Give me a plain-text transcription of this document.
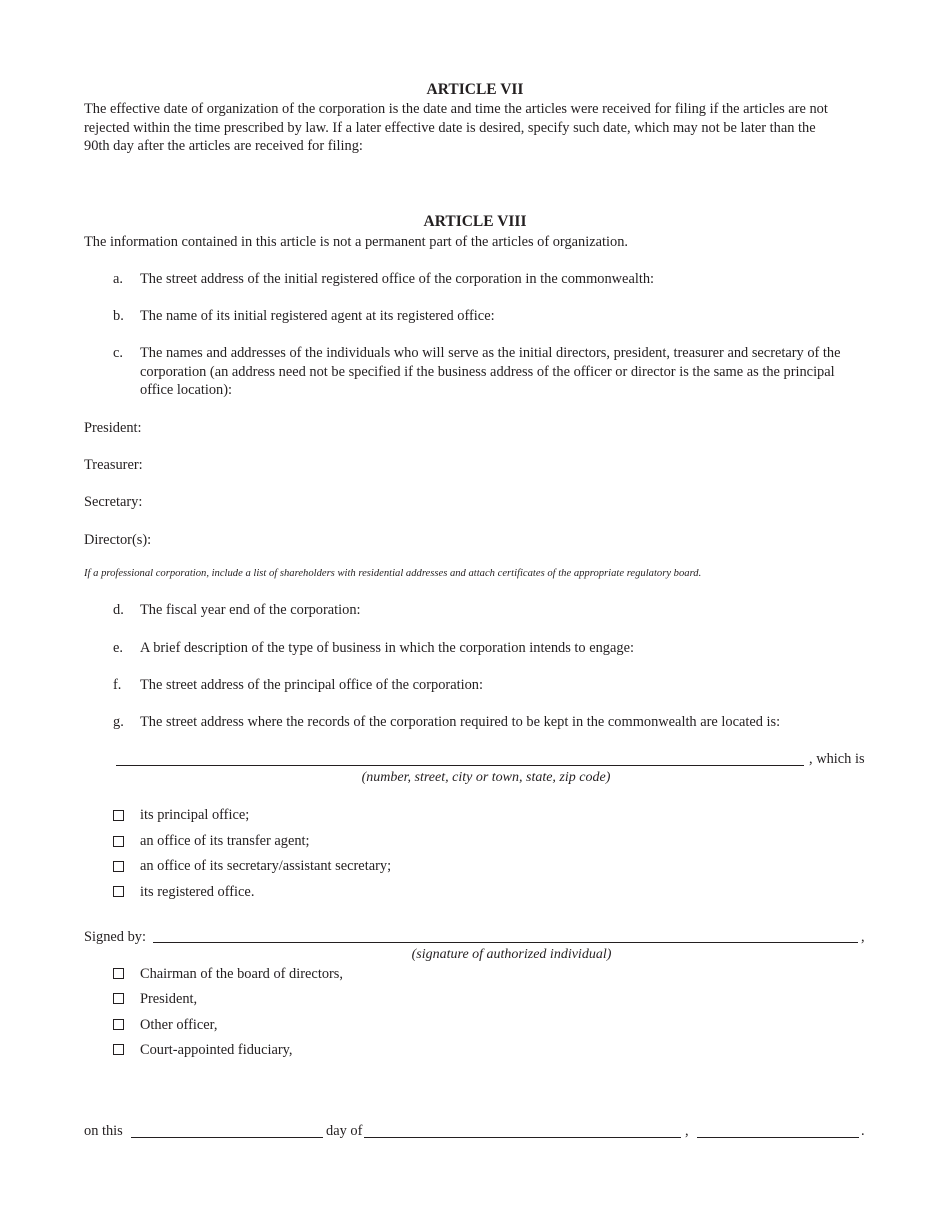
ARTICLE VII
The effective date of organization of the corporation is the date and time the articles were received for filing if the articles are not
rejected within the time prescribed by law. If a later effective date is desired, specify such date, which may not be later than the
90th day after the articles are received for filing:
ARTICLE VIII
The information contained in this article is not a permanent part of the articles of organization.
a. The street address of the initial registered office of the corporation in the commonwealth:
b. The name of its initial registered agent at its registered office:
c. The names and addresses of the individuals who will serve as the initial directors, president, treasurer and secretary of the
corporation (an address need not be specified if the business address of the officer or director is the same as the principal
office location):
President:
Treasurer:
Secretary:
Director(s):
If a professional corporation, include a list of shareholders with residential addresses and attach certificates of the appropriate regulatory board.
d. The fiscal year end of the corporation:
e. A brief description of the type of business in which the corporation intends to engage:
f. The street address of the principal office of the corporation:
g. The street address where the records of the corporation required to be kept in the commonwealth are located is:
, which is
(number, street, city or town, state, zip code)
its principal office;
an office of its transfer agent;
an office of its secretary/assistant secretary;
its registered office.
Signed by:	,
(signature of authorized individual)
Chairman of the board of directors,
President,
Other officer,
Court-appointed fiduciary,
on this	day of	,	.
